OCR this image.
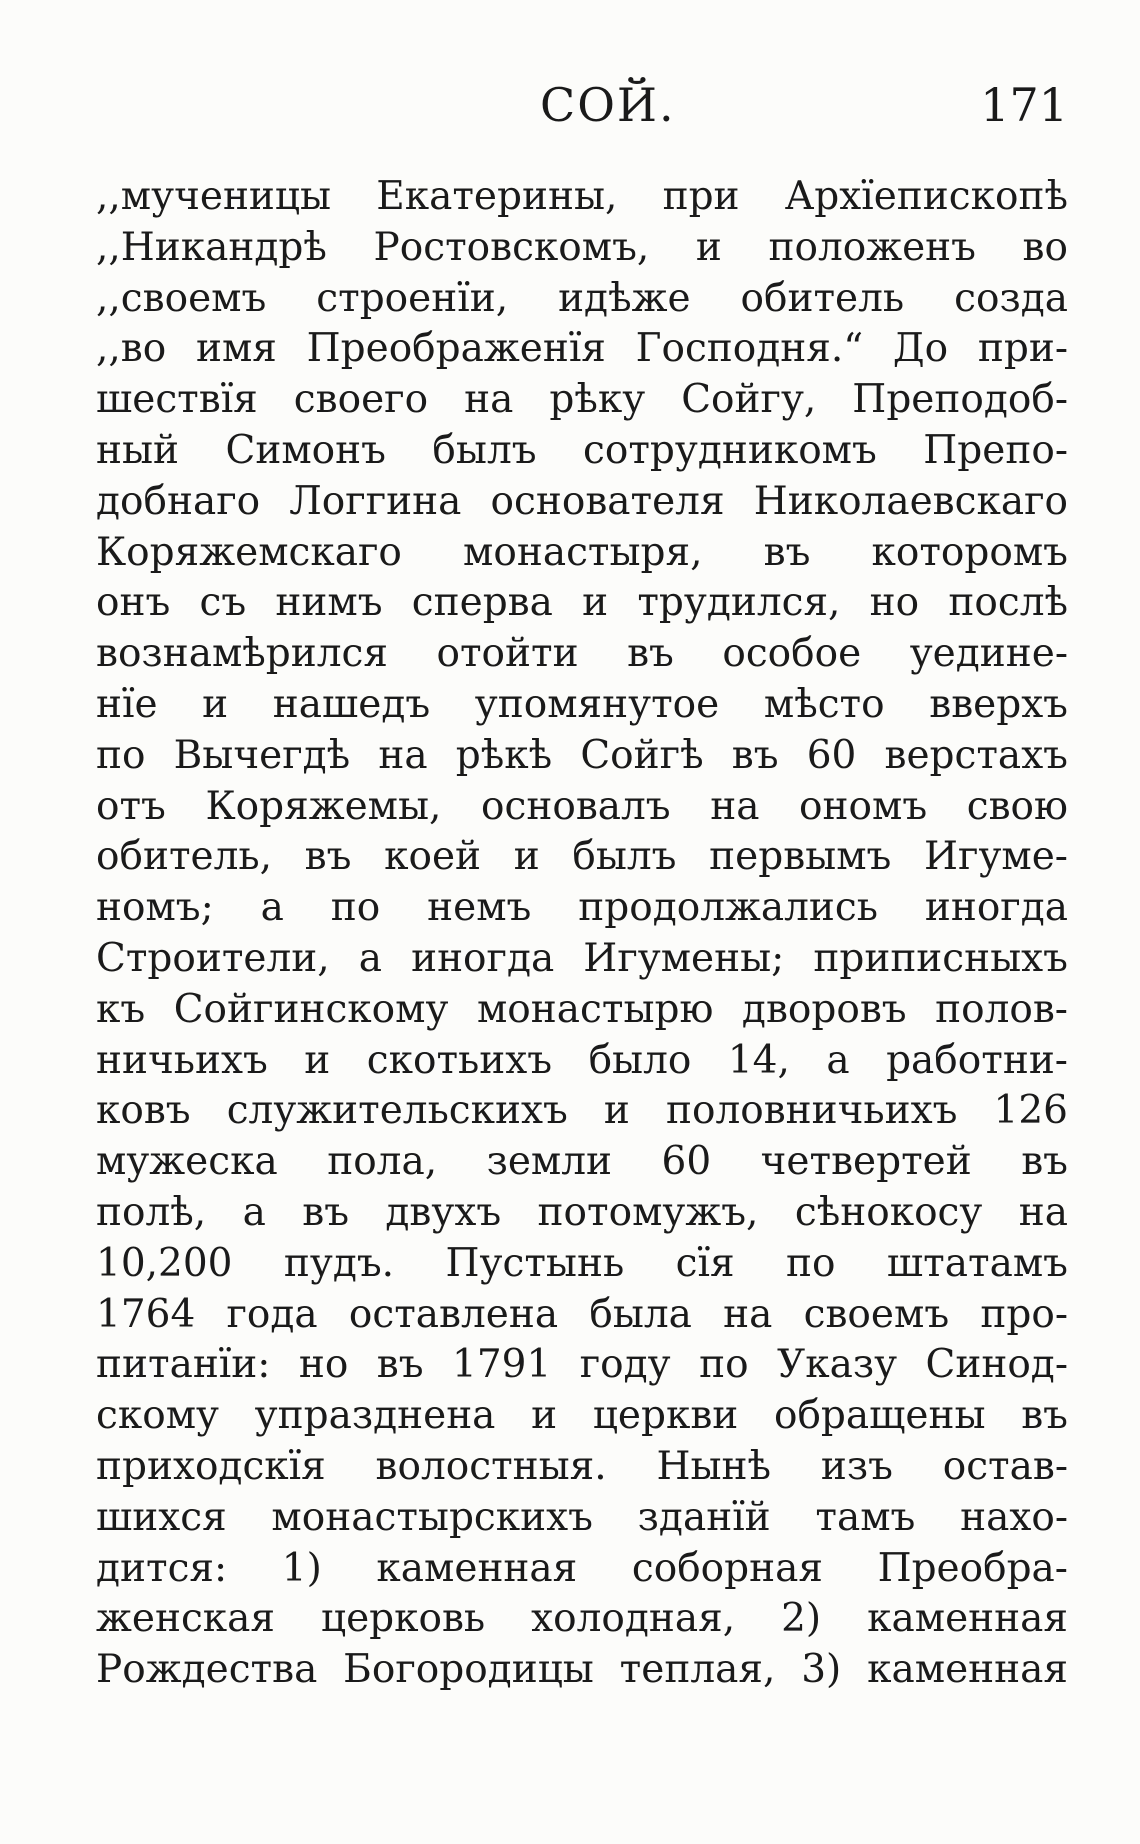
СОЙ.	171
,,мученицы Екатерины, при Архїепископѣ
,,Никандрѣ Ростовскомъ, и положенъ во
,,своемъ строенїи, идѣже обитель созда
,,во имя Преображенїя Господня.“ До при-
шествїя своего на рѣку Сойгу, Преподоб-
ный Симонъ былъ сотрудникомъ Препо-
добнаго Логгина основателя Николаевскаго
Коряжемскаго монастыря, въ которомъ
онъ съ нимъ сперва и трудился, но послѣ
вознамѣрился отойти въ особое уедине-
нїе и нашедъ упомянутое мѣсто вверхъ
по Вычегдѣ на рѣкѣ Сойгѣ въ 60 верстахъ
отъ Коряжемы, основалъ на ономъ свою
обитель, въ коей и былъ первымъ Игуме-
номъ; а по немъ продолжались иногда
Строители, а иногда Игумены; приписныхъ
къ Сойгинскому монастырю дворовъ полов-
ничьихъ и скотьихъ было 14, а работни-
ковъ служительскихъ и половничьихъ 126
мужеска пола, земли 60 четвертей въ
полѣ, а въ двухъ потомужъ, сѣнокосу на
10,200 пудъ. Пустынь сїя по штатамъ
1764 года оставлена была на своемъ про-
питанїи: но въ 1791 году по Указу Синод-
скому упразднена и церкви обращены въ
приходскїя волостныя. Нынѣ изъ остав-
шихся монастырскихъ зданїй тамъ нахо-
дится: 1) каменная соборная Преобра-
женская церковь холодная, 2) каменная
Рождества Богородицы теплая, 3) каменная
